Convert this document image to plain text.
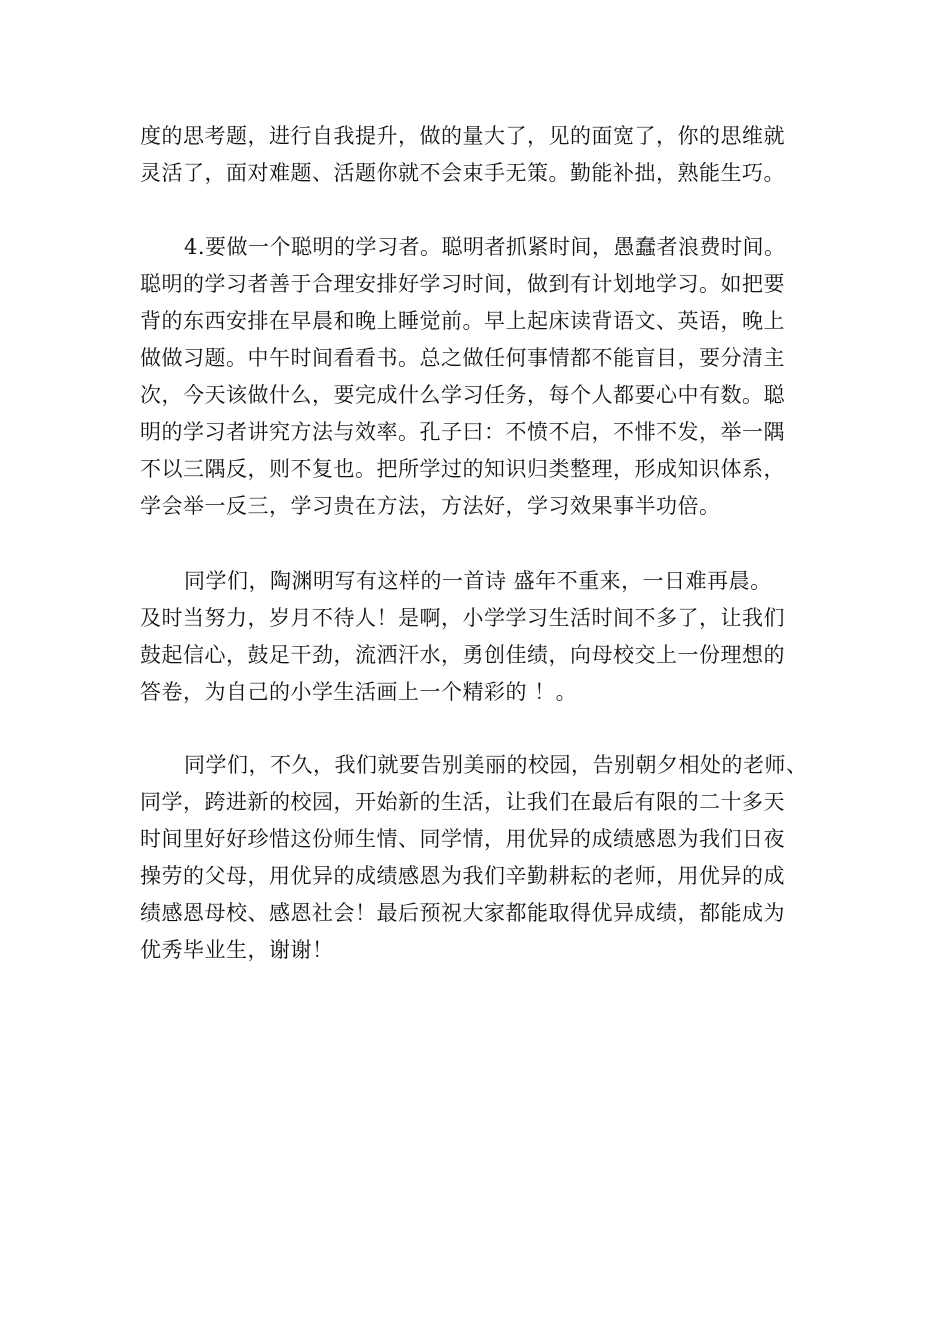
度的思考题，进行自我提升，做的量大了，见的面宽了，你的思维就
灵活了，面对难题、活题你就不会束手无策。勤能补拙，熟能生巧。
4.要做一个聪明的学习者。聪明者抓紧时间，愚蠢者浪费时间。
聪明的学习者善于合理安排好学习时间，做到有计划地学习。如把要
背的东西安排在早晨和晚上睡觉前。早上起床读背语文、英语，晚上
做做习题。中午时间看看书。总之做任何事情都不能盲目，要分清主
次，今天该做什么，要完成什么学习任务，每个人都要心中有数。聪
明的学习者讲究方法与效率。孔子曰：不愤不启，不悱不发，举一隅
不以三隅反，则不复也。把所学过的知识归类整理，形成知识体系，
学会举一反三，学习贵在方法，方法好，学习效果事半功倍。
同学们，陶渊明写有这样的一首诗 盛年不重来，一日难再晨。
及时当努力，岁月不待人！是啊，小学学习生活时间不多了，让我们
鼓起信心，鼓足干劲，流洒汗水，勇创佳绩，向母校交上一份理想的
答卷，为自己的小学生活画上一个精彩的 ！。
同学们，不久，我们就要告别美丽的校园，告别朝夕相处的老师、
同学，跨进新的校园，开始新的生活，让我们在最后有限的二十多天
时间里好好珍惜这份师生情、同学情，用优异的成绩感恩为我们日夜
操劳的父母，用优异的成绩感恩为我们辛勤耕耘的老师，用优异的成
绩感恩母校、感恩社会！最后预祝大家都能取得优异成绩，都能成为
优秀毕业生，谢谢！
